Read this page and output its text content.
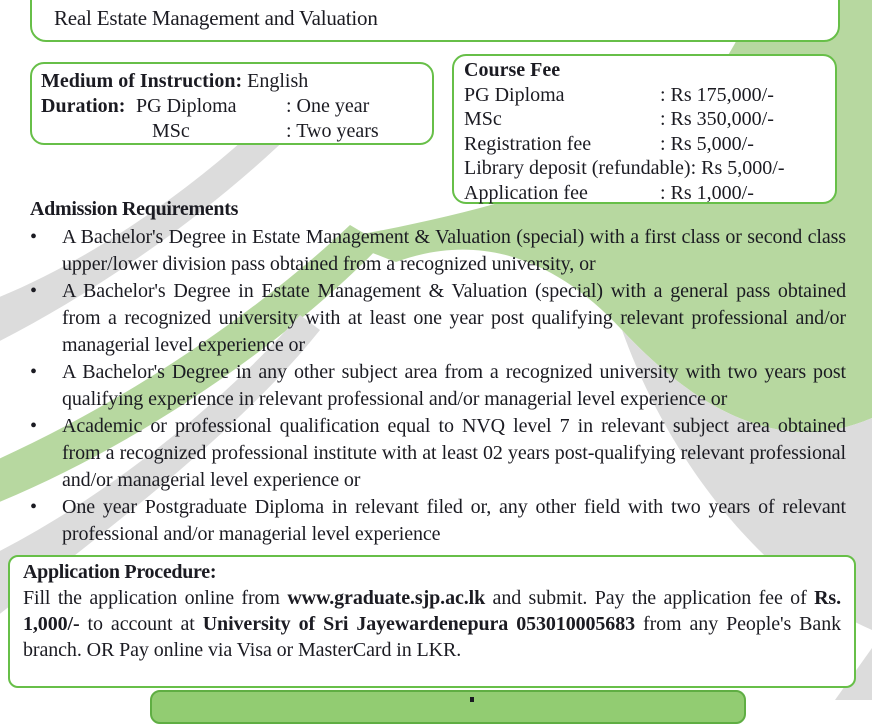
Real Estate Management and Valuation
Medium of Instruction: English
Duration: PG Diploma : One year
MSc	: Two years
Course Fee
PG Diploma	: Rs 175,000/-
MSc	: Rs 350,000/-
Registration fee	: Rs 5,000/-
Library deposit (refundable) : Rs 5,000/-
Application fee	: Rs 1,000/-
Admission Requirements
•	A Bachelor's Degree in Estate Management & Valuation (special) with a first class or second class upper/lower division pass obtained from a recognized university, or
•	A Bachelor's Degree in Estate Management & Valuation (special) with a general pass obtained from a recognized university with at least one year post qualifying relevant professional and/or managerial level experience or
•	A Bachelor's Degree in any other subject area from a recognized university with two years post qualifying experience in relevant professional and/or managerial level experience or
•	Academic or professional qualification equal to NVQ level 7 in relevant subject area obtained from a recognized professional institute with at least 02 years post-qualifying relevant professional and/or managerial level experience or
•	One year Postgraduate Diploma in relevant filed or, any other field with two years of relevant professional and/or managerial level experience
Application Procedure:
Fill the application online from www.graduate.sjp.ac.lk and submit. Pay the application fee of Rs. 1,000/- to account at University of Sri Jayewardenepura 053010005683 from any People's Bank branch. OR Pay online via Visa or MasterCard in LKR.
